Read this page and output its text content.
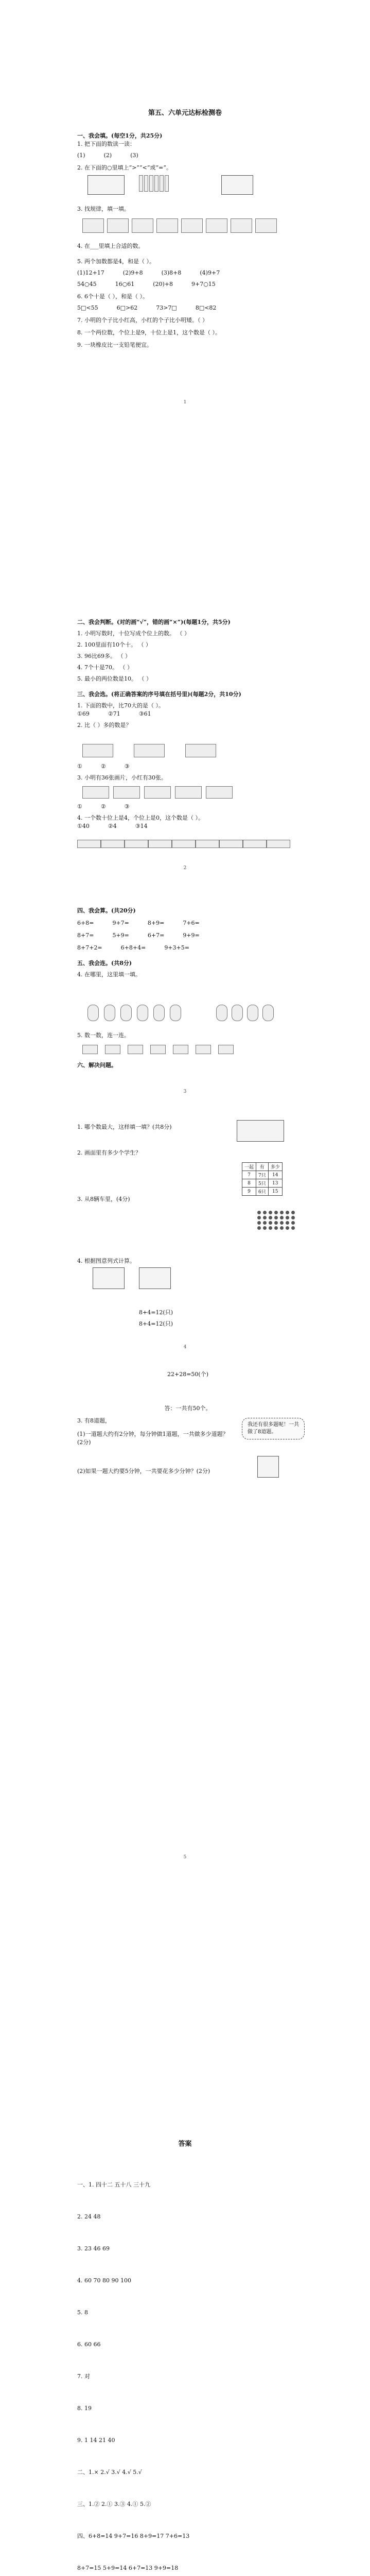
第五、六单元达标检测卷
一、我会填。(每空1分，共25分)
1. 把下面的数读一读：
(1)	(2)	(3)
2. 在下面的○里填上“>”“<”或“=”。
3. 找规律，填一填。
4. 在___里填上合适的数。
5. 两个加数都是4，和是（ ）。
(1)12+17	(2)9+8	(3)8+8	(4)9+7
54○45	16○61	(20)+8	9+7○15
6. 6个十是（ ），和是（ ）。
5□<55	6□>62	73>7□	8□<82
7. 小明的个子比小红高，小红的个子比小明矮。（ ）
8. 一个两位数，个位上是9，十位上是1，这个数是（ ）。
9. 一块橡皮比一支铅笔便宜。
1
二、我会判断。(对的画“√”，错的画“×”)(每题1分，共5分)
1. 小明写数时，十位写成个位上的数。 （ ）
2. 100里面有10个十。 （ ）
3. 96比69多。 （ ）
4. 7个十是70。 （ ）
5. 最小的两位数是10。 （ ）
三、我会选。(将正确答案的序号填在括号里)(每题2分，共10分)
1. 下面的数中，比70大的是（ ）。
①69	②71	③61
2. 比（ ）多的数是？
①	②	③
3. 小明有36张画片，小红有30张。
①	②	③
4. 一个数十位上是4，个位上是0，这个数是（ ）。
①40	②4	③14
2
四、我会算。(共20分)
6+8=	9+7=	8+9=	7+6=
8+7=	5+9=	6+7=	9+9=
8+7+2=	6+8+4=	9+3+5=
五、我会连。(共8分)
4. 在哪里，这里填一填。
5. 数一数，连一连。
六、解决问题。
3
1. 哪个数最大，这样填一填？(共8分)
2. 画面里有多少个学生？
一起	有	多少
7	7只	14
8	5只	13
9	6只	15
3. 从8辆车里，(4分)
4. 根据图意列式计算。
8+4=12(只)
8+4=12(只)
4
22+28=50(个)
答：一共有50个。
3. 有8道题，
(1)一道题大约有2分钟，每分钟做1道题，一共做多少道题？(2分)
(2)如果一题大约要5分钟，一共要花多少分钟？(2分)
我还有很多题呢！一共做了8道题。
5
答案
一、1. 四十二 五十八 三十九
2. 24 48
3. 23 46 69
4. 60 70 80 90 100
5. 8
6. 60 66
7. 对
8. 19
9. 1 14 21 40
二、1.× 2.√ 3.√ 4.√ 5.√
三、1.② 2.① 3.③ 4.① 5.②
四、6+8=14 9+7=16 8+9=17 7+6=13
8+7=15 5+9=14 6+7=13 9+9=18
